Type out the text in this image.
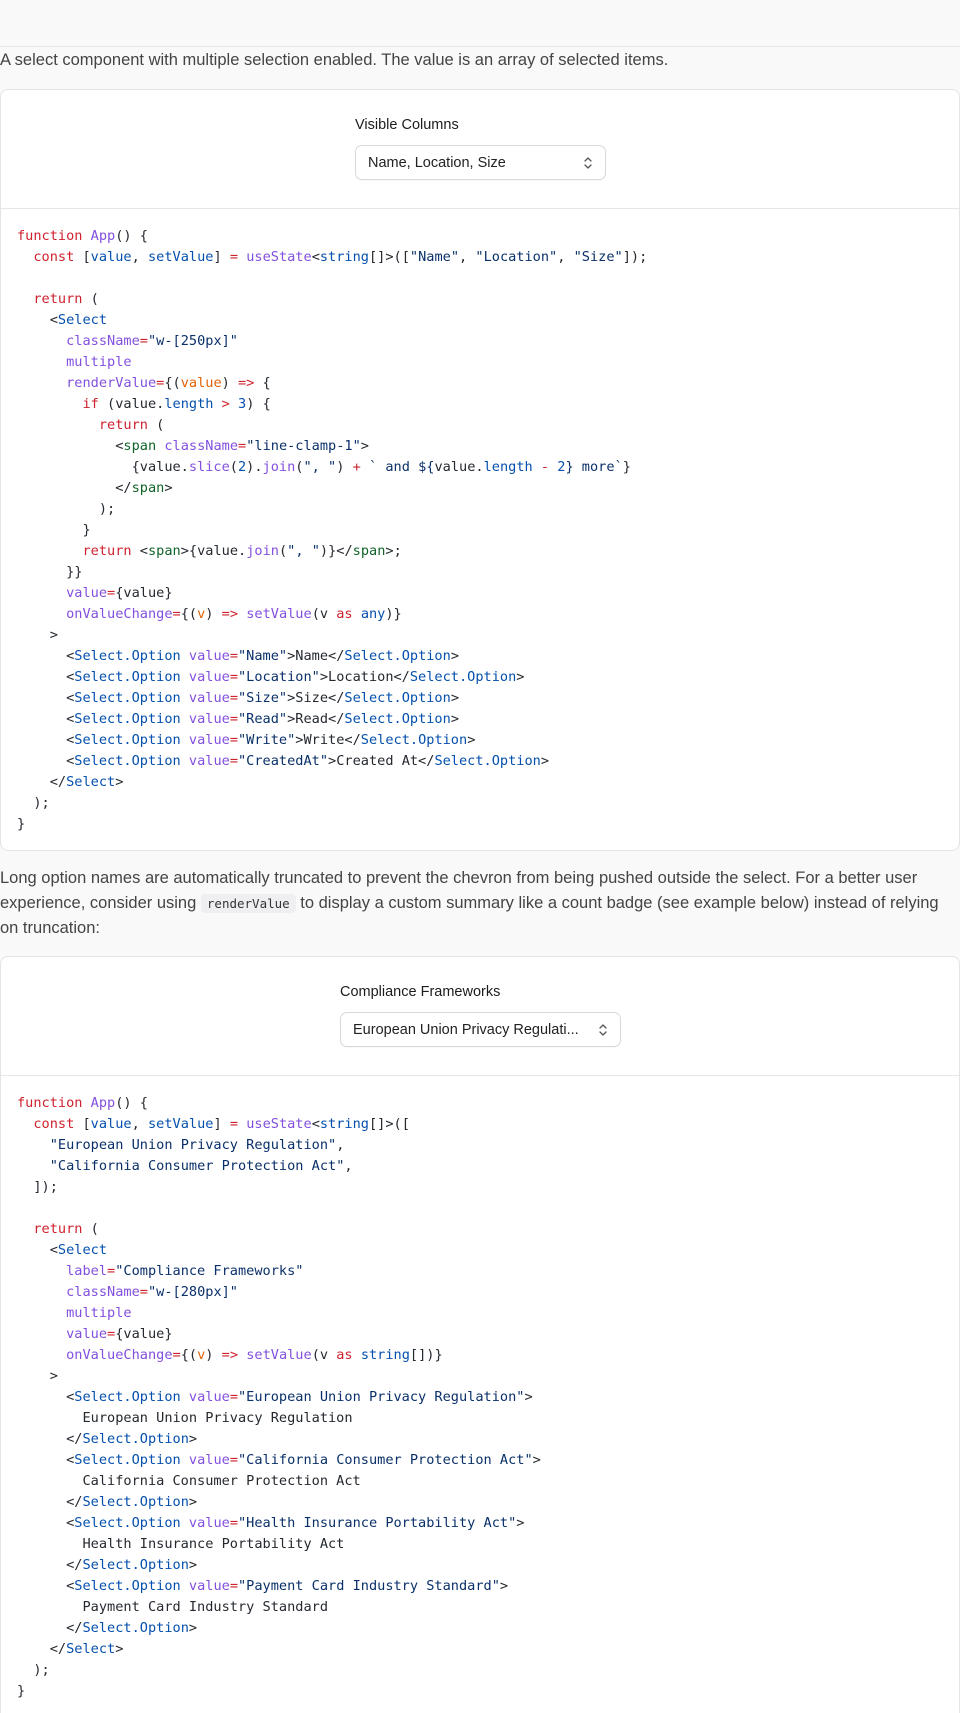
A select component with multiple selection enabled. The value is an array of selected items.

Visible Columns
Name, Location, Size
function App() {
const [value, setValue] = useState<string[]>(["Name", "Location", "Size"]);

return (
<Select
className="w-[250px]"
multiple
renderValue={(value) => {
if (value.length > 3) {
return (
<span className="line-clamp-1">
{value.slice(2).join(", ") + ` and ${value.length - 2} more`}
</span>
);
}
return <span>{value.join(", ")}</span>;
}}
value={value}
onValueChange={(v) => setValue(v as any)}
>
<Select.Option value="Name">Name</Select.Option>
<Select.Option value="Location">Location</Select.Option>
<Select.Option value="Size">Size</Select.Option>
<Select.Option value="Read">Read</Select.Option>
<Select.Option value="Write">Write</Select.Option>
<Select.Option value="CreatedAt">Created At</Select.Option>
</Select>
);
}

Long option names are automatically truncated to prevent the chevron from being pushed outside the select. For a better user experience, consider using renderValue to display a custom summary like a count badge (see example below) instead of relying on truncation:

Compliance Frameworks
European Union Privacy Regulati...
function App() {
const [value, setValue] = useState<string[]>([
"European Union Privacy Regulation",
"California Consumer Protection Act",
]);

return (
<Select
label="Compliance Frameworks"
className="w-[280px]"
multiple
value={value}
onValueChange={(v) => setValue(v as string[])}
>
<Select.Option value="European Union Privacy Regulation">
European Union Privacy Regulation
</Select.Option>
<Select.Option value="California Consumer Protection Act">
California Consumer Protection Act
</Select.Option>
<Select.Option value="Health Insurance Portability Act">
Health Insurance Portability Act
</Select.Option>
<Select.Option value="Payment Card Industry Standard">
Payment Card Industry Standard
</Select.Option>
</Select>
);
}
